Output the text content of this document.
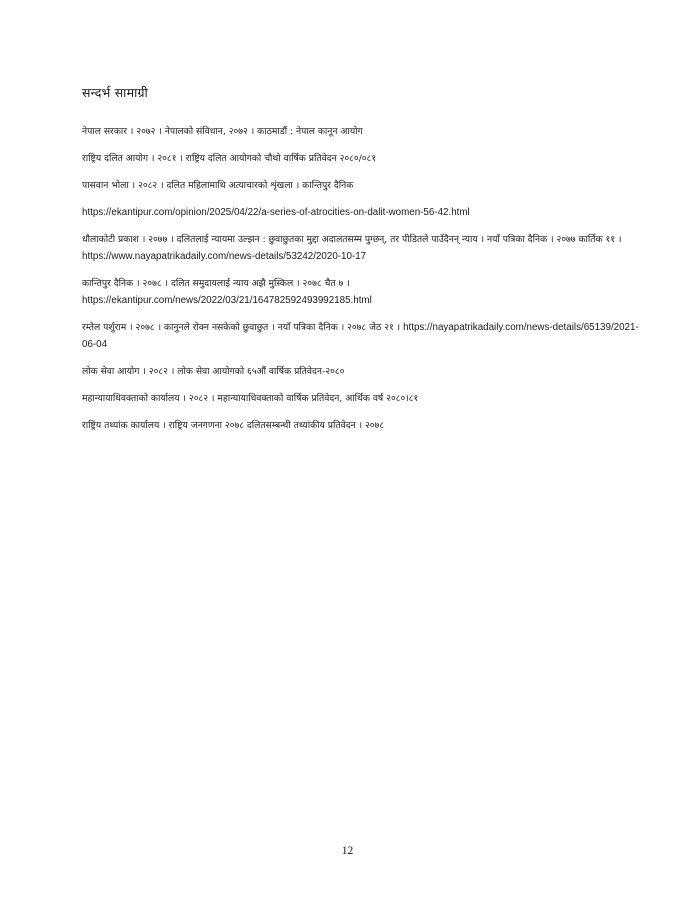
सन्दर्भ सामाग्री

नेपाल सरकार । २०७२ । नेपालको संविधान, २०७२ । काठमाडौं : नेपाल कानून आयोग

राष्ट्रिय दलित आयोग । २०८१ । राष्ट्रिय दलित आयोगको चौथो वार्षिक प्रतिवेदन २०८०/०८१

पासवान भोला । २०८२ । दलित महिलामाथि अत्याचारको शृंखला । कान्तिपुर दैनिक

https://ekantipur.com/opinion/2025/04/22/a-series-of-atrocities-on-dalit-women-56-42.html

धौलाकोटी प्रकाश । २०७७ । दलितलाई न्यायमा उल्झन : छुवाछुतका मुद्दा अदालतसम्म पुग्छन्, तर पीडितले पाउँदैनन् न्याय । नयाँ पत्रिका दैनिक । २०७७ कार्तिक ११ । https://www.nayapatrikadaily.com/news-details/53242/2020-10-17

कान्तिपुर दैनिक । २०७८ । दलित समुदायलाई न्याय अझै मुस्किल । २०७८ चैत ७ ।
https://ekantipur.com/news/2022/03/21/164782592493992185.html

रम्तेल पर्शुराम । २०७८ । कानुनले रोक्न नसकेको छुवाछुत । नयाँ पत्रिका दैनिक । २०७८ जेठ २१ । https://nayapatrikadaily.com/news-details/65139/2021-06-04

लोक सेवा आयोग । २०८२ । लोक सेवा आयोगको ६५औं वार्षिक प्रतिवेदन-२०८०

महान्यायाधिवक्ताको कार्यालय । २०८२ । महान्यायाधिवक्ताको वार्षिक प्रतिवेदन, आर्थिक वर्ष २०८०।८१

राष्ट्रिय तथ्यांक कार्यालय । राष्ट्रिय जनगणना २०७८ दलितसम्बन्धी तथ्यांकीय प्रतिवेदन । २०७८

12
